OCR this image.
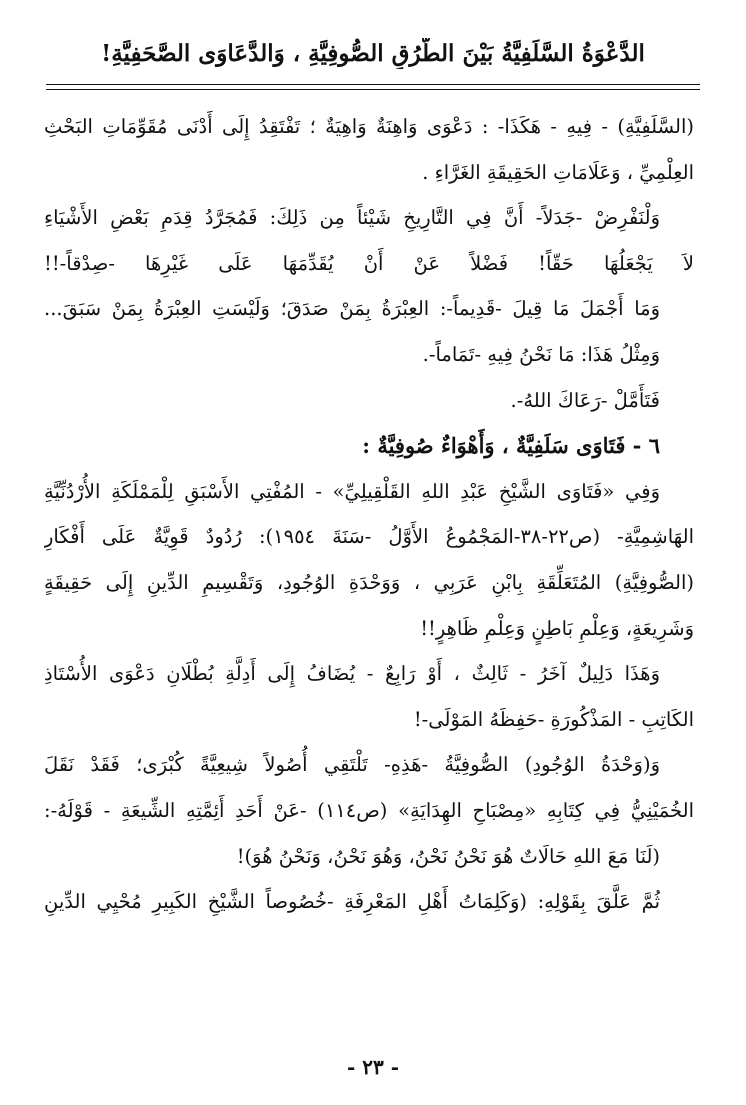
الدَّعْوَةُ السَّلَفِيَّةُ بَيْنَ الطُّرُقِ الصُّوفِيَّةِ ، وَالدَّعَاوَى الصَّحَفِيَّةِ!
(السَّلَفِيَّةِ) - فِيهِ - هَكَذَا- : دَعْوَى وَاهِنَةٌ وَاهِيَةٌ ؛ تَفْتَقِدُ إِلَى أَدْنَى مُقَوِّمَاتِ البَحْثِ
العِلْمِيِّ ، وَعَلَامَاتِ الحَقِيقَةِ الغَرَّاءِ .
وَلْنَفْرِضْ -جَدَلاً- أَنَّ فِي التَّارِيخِ شَيْئاً مِن ذَلِكَ: فَمُجَرَّدُ قِدَمِ بَعْضِ الأَشْيَاءِ
لاَ يَجْعَلُهَا حَقّاً! فَضْلاً عَنْ أَنْ يُقَدِّمَهَا عَلَى غَيْرِهَا -صِدْقاً-!!
وَمَا أَجْمَلَ مَا قِيلَ -قَدِيماً-: العِبْرَةُ بِمَنْ صَدَقَ؛ وَلَيْسَتِ العِبْرَةُ بِمَنْ سَبَقَ...
وَمِثْلُ هَذَا: مَا نَحْنُ فِيهِ -تَمَاماً-.
فَتَأَمَّلْ -رَعَاكَ اللهُ-.
٦ - فَتَاوَى سَلَفِيَّةٌ ، وَأَهْوَاءٌ صُوفِيَّةٌ :
وَفِي «فَتَاوَى الشَّيْخِ عَبْدِ اللهِ القَلْقِيلِيِّ» - المُفْتِي الأَسْبَقِ لِلْمَمْلَكَةِ الأُرْدُنِّيَّةِ
الهَاشِمِيَّةِ- (ص٢٢-٣٨-المَجْمُوعُ الأَوَّلُ -سَنَةَ ١٩٥٤): رُدُودٌ قَوِيَّةٌ عَلَى أَفْكَارِ
(الصُّوفِيَّةِ) المُتَعَلِّقَةِ بِابْنِ عَرَبِي ، وَوَحْدَةِ الوُجُودِ، وَتَقْسِيمِ الدِّينِ إِلَى حَقِيقَةٍ
وَشَرِيعَةٍ، وَعِلْمِ بَاطِنٍ وَعِلْمِ ظَاهِرٍ!!
وَهَذَا دَلِيلٌ آخَرُ - ثَالِثٌ ، أَوْ رَابِعٌ - يُضَافُ إِلَى أَدِلَّةِ بُطْلَانِ دَعْوَى الأُسْتَاذِ
الكَاتِبِ - المَذْكُورَةِ -حَفِظَهُ المَوْلَى-!
وَ(وَحْدَةُ الوُجُودِ) الصُّوفِيَّةُ -هَذِهِ- تَلْتَقِي أُصُولاً شِيعِيَّةً كُبْرَى؛ فَقَدْ نَقَلَ
الخُمَيْنِيُّ فِي كِتَابِهِ «مِصْبَاحِ الهِدَايَةِ» (ص١١٤) -عَنْ أَحَدِ أَئِمَّتِهِ الشِّيعَةِ - قَوْلَهُ-:
(لَنَا مَعَ اللهِ حَالَاتٌ هُوَ نَحْنُ نَحْنُ، وَهُوَ نَحْنُ، وَنَحْنُ هُوَ)!
ثُمَّ عَلَّقَ بِقَوْلِهِ: (وَكَلِمَاتُ أَهْلِ المَعْرِفَةِ -خُصُوصاً الشَّيْخِ الكَبِيرِ مُحْيِي الدِّينِ
- ٢٣ -
